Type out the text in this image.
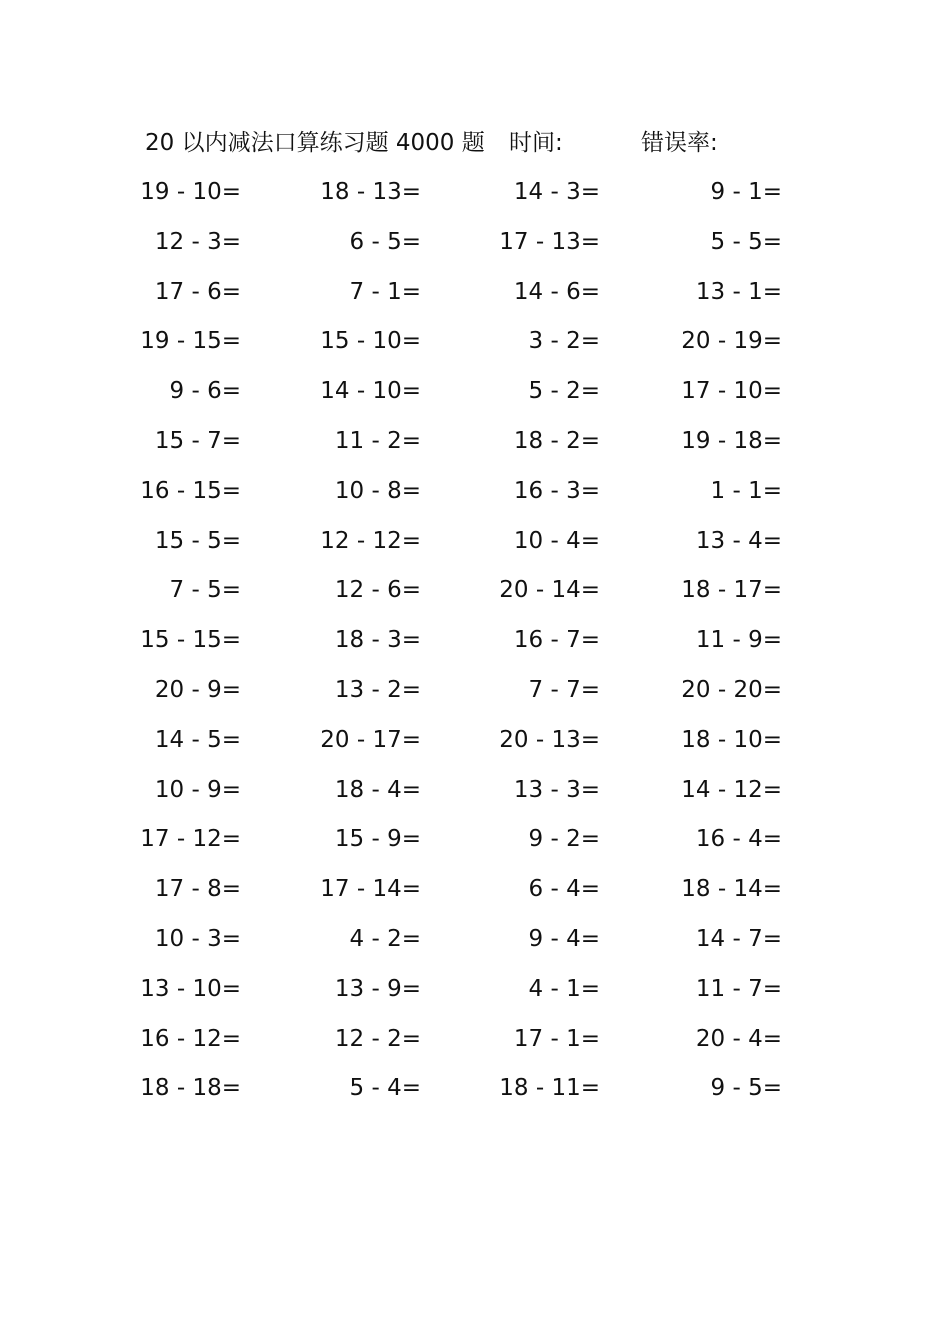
20 以内减法口算练习题 4000 题 时间:	错误率:
19 - 10=	18 - 13=	14 - 3=	9 - 1=
12 - 3=	6 - 5=	17 - 13=	5 - 5=
17 - 6=	7 - 1=	14 - 6=	13 - 1=
19 - 15=	15 - 10=	3 - 2=	20 - 19=
9 - 6=	14 - 10=	5 - 2=	17 - 10=
15 - 7=	11 - 2=	18 - 2=	19 - 18=
16 - 15=	10 - 8=	16 - 3=	1 - 1=
15 - 5=	12 - 12=	10 - 4=	13 - 4=
7 - 5=	12 - 6=	20 - 14=	18 - 17=
15 - 15=	18 - 3=	16 - 7=	11 - 9=
20 - 9=	13 - 2=	7 - 7=	20 - 20=
14 - 5=	20 - 17=	20 - 13=	18 - 10=
10 - 9=	18 - 4=	13 - 3=	14 - 12=
17 - 12=	15 - 9=	9 - 2=	16 - 4=
17 - 8=	17 - 14=	6 - 4=	18 - 14=
10 - 3=	4 - 2=	9 - 4=	14 - 7=
13 - 10=	13 - 9=	4 - 1=	11 - 7=
16 - 12=	12 - 2=	17 - 1=	20 - 4=
18 - 18=	5 - 4=	18 - 11=	9 - 5=
